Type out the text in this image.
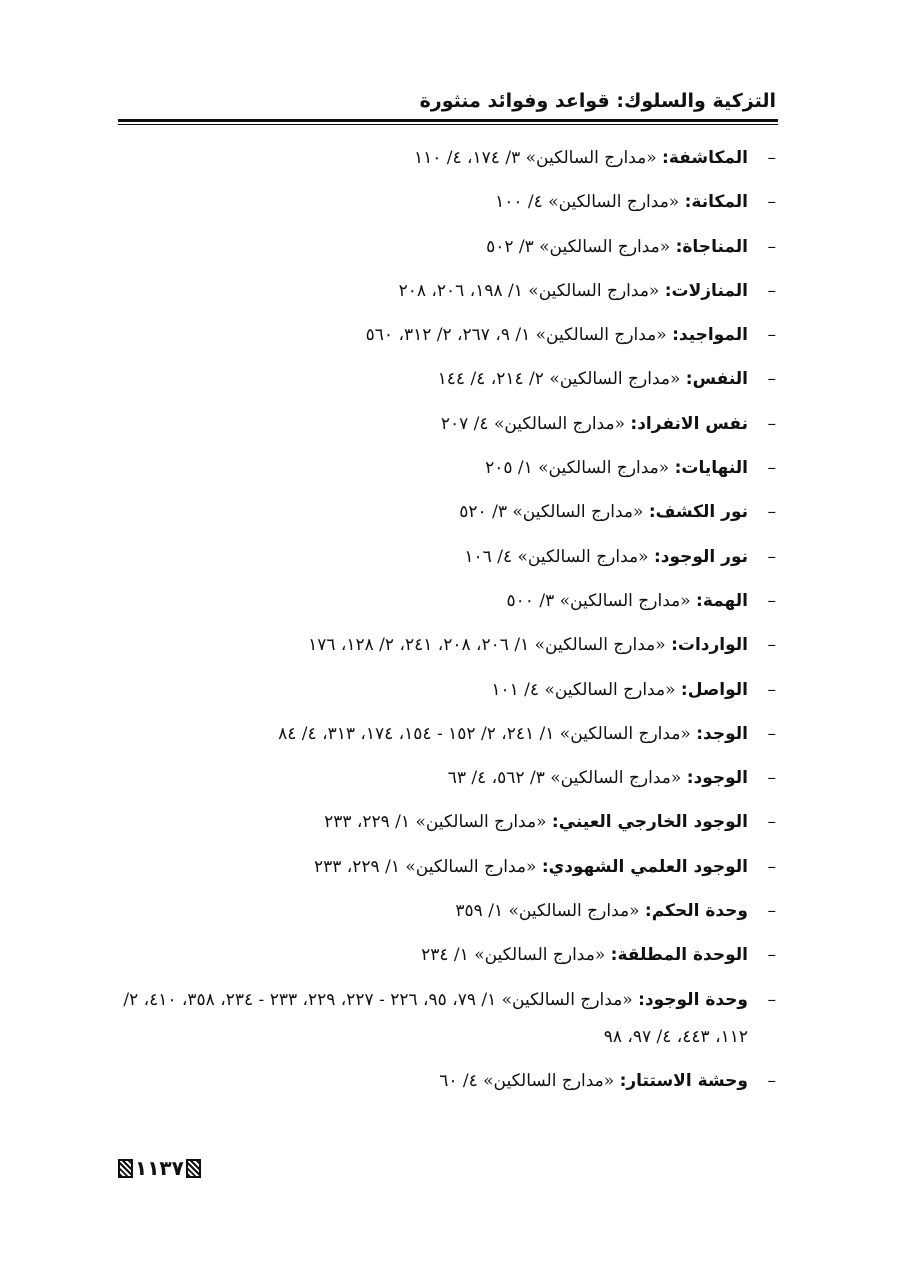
التزكية والسلوك: قواعد وفوائد منثورة
–
المكاشفة: «مدارج السالكين» ٣/ ١٧٤، ٤/ ١١٠
–
المكانة: «مدارج السالكين» ٤/ ١٠٠
–
المناجاة: «مدارج السالكين» ٣/ ٥٠٢
–
المنازلات: «مدارج السالكين» ١/ ١٩٨، ٢٠٦، ٢٠٨
–
المواجيد: «مدارج السالكين» ١/ ٩، ٢٦٧، ٢/ ٣١٢، ٥٦٠
–
النفس: «مدارج السالكين» ٢/ ٢١٤، ٤/ ١٤٤
–
نفس الانفراد: «مدارج السالكين» ٤/ ٢٠٧
–
النهايات: «مدارج السالكين» ١/ ٢٠٥
–
نور الكشف: «مدارج السالكين» ٣/ ٥٢٠
–
نور الوجود: «مدارج السالكين» ٤/ ١٠٦
–
الهمة: «مدارج السالكين» ٣/ ٥٠٠
–
الواردات: «مدارج السالكين» ١/ ٢٠٦، ٢٠٨، ٢٤١، ٢/ ١٢٨، ١٧٦
–
الواصل: «مدارج السالكين» ٤/ ١٠١
–
الوجد: «مدارج السالكين» ١/ ٢٤١، ٢/ ١٥٢ - ١٥٤، ١٧٤، ٣١٣، ٤/ ٨٤
–
الوجود: «مدارج السالكين» ٣/ ٥٦٢، ٤/ ٦٣
–
الوجود الخارجي العيني: «مدارج السالكين» ١/ ٢٢٩، ٢٣٣
–
الوجود العلمي الشهودي: «مدارج السالكين» ١/ ٢٢٩، ٢٣٣
–
وحدة الحكم: «مدارج السالكين» ١/ ٣٥٩
–
الوحدة المطلقة: «مدارج السالكين» ١/ ٢٣٤
–
وحدة الوجود: «مدارج السالكين» ١/ ٧٩، ٩٥، ٢٢٦ - ٢٢٧، ٢٢٩، ٢٣٣ - ٢٣٤، ٣٥٨، ٤١٠، ٢/ ١١٢، ٤٤٣، ٤/ ٩٧، ٩٨
–
وحشة الاستتار: «مدارج السالكين» ٤/ ٦٠
١١٣٧
